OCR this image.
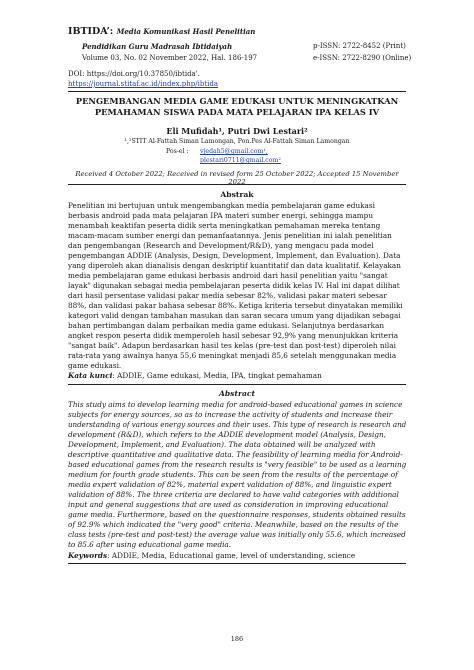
IBTIDA’: Media Komunikasi Hasil Penelitian
Pendidikan Guru Madrasah Ibtidaiyah
Volume 03, No. 02 November 2022, Hal. 186-197
p-ISSN: 2722-8452 (Print)
e-ISSN: 2722-8290 (Online)
DOI: https://doi.org/10.37850/ibtida'.
https://journal.stitaf.ac.id/index.php/ibtida
PENGEMBANGAN MEDIA GAME EDUKASI UNTUK MENINGKATKAN
PEMAHAMAN SISWA PADA MATA PELAJARAN IPA KELAS IV
Eli Mufidah¹, Putri Dwi Lestari²
¹,²STIT Al-Fattah Siman Lamongan, Pon.Pes Al-Fattah Siman Lamongan
Pos-el : vjedah5@gmail.com¹,
plestari0711@gmail.com²
Received 4 October 2022; Received in revised form 25 October 2022; Accepted 15 November 2022
Abstrak
Penelitian ini bertujuan untuk mengembangkan media pembelajaran game edukasi
berbasis android pada mata pelajaran IPA materi sumber energi, sehingga mampu
menambah keaktifan peserta didik serta meningkatkan pemahaman mereka tentang
macam-macam sumber energi dan pemanfaatannya. Jenis penelitian ini ialah penelitian
dan pengembangan (Research and Development/R&D), yang mengacu pada model
pengembangan ADDIE (Analysis, Design, Development, Implement, dan Evaluation). Data
yang diperoleh akan dianalisis dengan deskriptif kuantitatif dan data kualitatif. Kelayakan
media pembelajaran game edukasi berbasis android dari hasil penelitian yaitu "sangat
layak" digunakan sebagai media pembelajaran peserta didik kelas IV. Hal ini dapat dilihat
dari hasil persentase validasi pakar media sebesar 82%, validasi pakar materi sebesar
88%, dan validasi pakar bahasa sebesar 88%. Ketiga kriteria tersebut dinyatakan memiliki
kategori valid dengan tambahan masukan dan saran secara umum yang dijadikan sebagai
bahan pertimbangan dalam perbaikan media game edukasi. Selanjutnya berdasarkan
angket respon peserta didik memperoleh hasil sebesar 92,9% yang menunjukkan kriteria
"sangat baik". Adapun berdasarkan hasil tes kelas (pre-test dan post-test) diperoleh nilai
rata-rata yang awalnya hanya 55,6 meningkat menjadi 85,6 setelah menggunakan media
game edukasi.
Kata kunci: ADDIE, Game edukasi, Media, IPA, tingkat pemahaman
Abstract
This study aims to develop learning media for android-based educational games in science
subjects for energy sources, so as to increase the activity of students and increase their
understanding of various energy sources and their uses. This type of research is research and
development (R&D), which refers to the ADDIE development model (Analysis, Design,
Development, Implement, and Evaluation). The data obtained will be analyzed with
descriptive quantitative and qualitative data. The feasibility of learning media for Android-
based educational games from the research results is "very feasible" to be used as a learning
medium for fourth grade students. This can be seen from the results of the percentage of
media expert validation of 82%, material expert validation of 88%, and linguistic expert
validation of 88%. The three criteria are declared to have valid categories with additional
input and general suggestions that are used as consideration in improving educational
game media. Furthermore, based on the questionnaire responses, students obtained results
of 92.9% which indicated the "very good" criteria. Meanwhile, based on the results of the
class tests (pre-test and post-test) the average value was initially only 55.6, which increased
to 85.6 after using educational game media.
Keywords: ADDIE, Media, Educational game, level of understanding, science
186
